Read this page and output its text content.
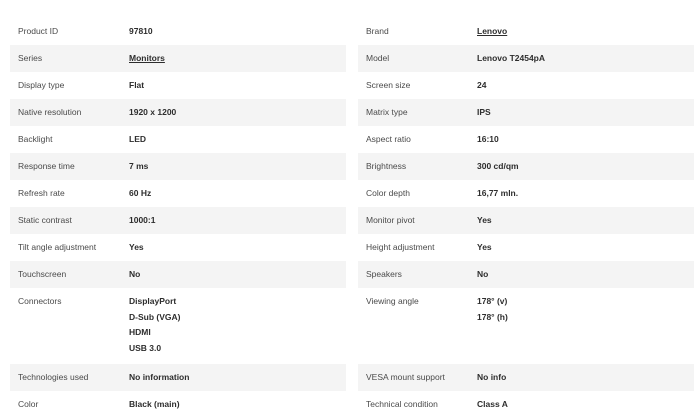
Product ID	97810
Series	Monitors
Display type	Flat
Native resolution	1920 x 1200
Backlight	LED
Response time	7 ms
Refresh rate	60 Hz
Static contrast	1000:1
Tilt angle adjustment	Yes
Touchscreen	No
Connectors	DisplayPort
D-Sub (VGA)
HDMI
USB 3.0
Technologies used	No information
Color	Black (main)
Brand	Lenovo
Model	Lenovo T2454pA
Screen size	24
Matrix type	IPS
Aspect ratio	16:10
Brightness	300 cd/qm
Color depth	16,77 mln.
Monitor pivot	Yes
Height adjustment	Yes
Speakers	No
Viewing angle	178° (v)
178° (h)
VESA mount support	No info
Technical condition	Class A
